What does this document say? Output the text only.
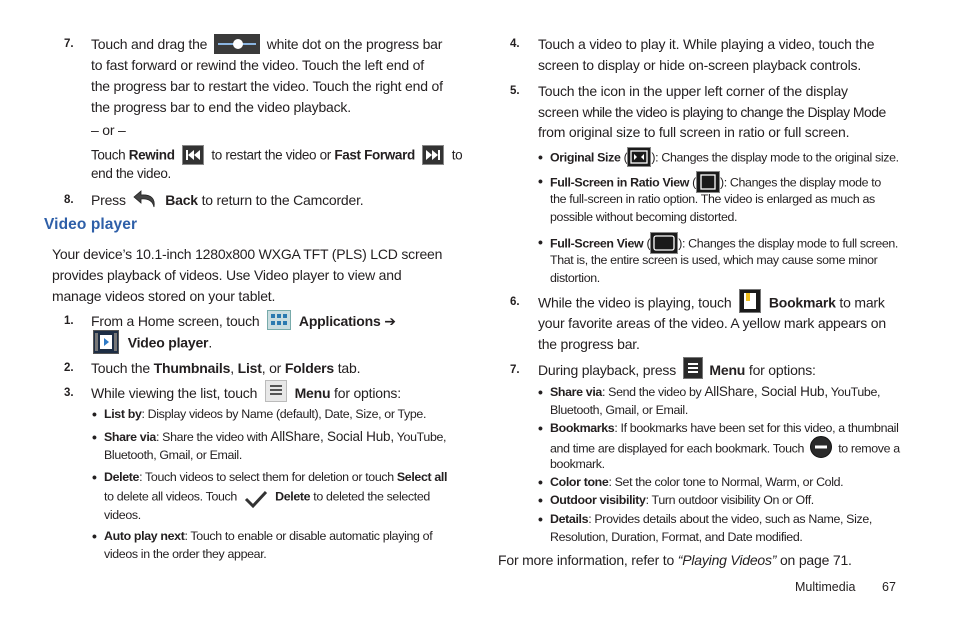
7. Touch and drag the	white dot on the progress bar
to fast forward or rewind the video. Touch the left end of
the progress bar to restart the video. Touch the right end of
the progress bar to end the video playback.
– or –
Touch Rewind	to restart the video or Fast Forward	to
end the video.
8. Press	Back to return to the Camcorder.
Video player
Your device’s 10.1-inch 1280x800 WXGA TFT (PLS) LCD screen
provides playback of videos. Use Video player to view and
manage videos stored on your tablet.
1. From a Home screen, touch	Applications ➔
Video player.
2. Touch the Thumbnails, List, or Folders tab.
3. While viewing the list, touch	Menu for options:
• List by: Display videos by Name (default), Date, Size, or Type.
• Share via: Share the video with AllShare, Social Hub, YouTube,
Bluetooth, Gmail, or Email.
• Delete: Touch videos to select them for deletion or touch Select all
to delete all videos. Touch	Delete to deleted the selected
videos.
• Auto play next: Touch to enable or disable automatic playing of
videos in the order they appear.
4. Touch a video to play it. While playing a video, touch the
screen to display or hide on-screen playback controls.
5. Touch the icon in the upper left corner of the display
screen while the video is playing to change the Display Mode
from original size to full screen in ratio or full screen.
• Original Size ( ): Changes the display mode to the original size.
• Full-Screen in Ratio View ( ): Changes the display mode to
the full-screen in ratio option. The video is enlarged as much as
possible without becoming distorted.
• Full-Screen View ( ): Changes the display mode to full screen.
That is, the entire screen is used, which may cause some minor
distortion.
6. While the video is playing, touch	Bookmark to mark
your favorite areas of the video. A yellow mark appears on
the progress bar.
7. During playback, press Menu for options:
• Share via: Send the video by AllShare, Social Hub, YouTube,
Bluetooth, Gmail, or Email.
• Bookmarks: If bookmarks have been set for this video, a thumbnail
and time are displayed for each bookmark. Touch	to remove a
bookmark.
• Color tone: Set the color tone to Normal, Warm, or Cold.
• Outdoor visibility: Turn outdoor visibility On or Off.
• Details: Provides details about the video, such as Name, Size,
Resolution, Duration, Format, and Date modified.
For more information, refer to “Playing Videos” on page 71.
Multimedia 67
